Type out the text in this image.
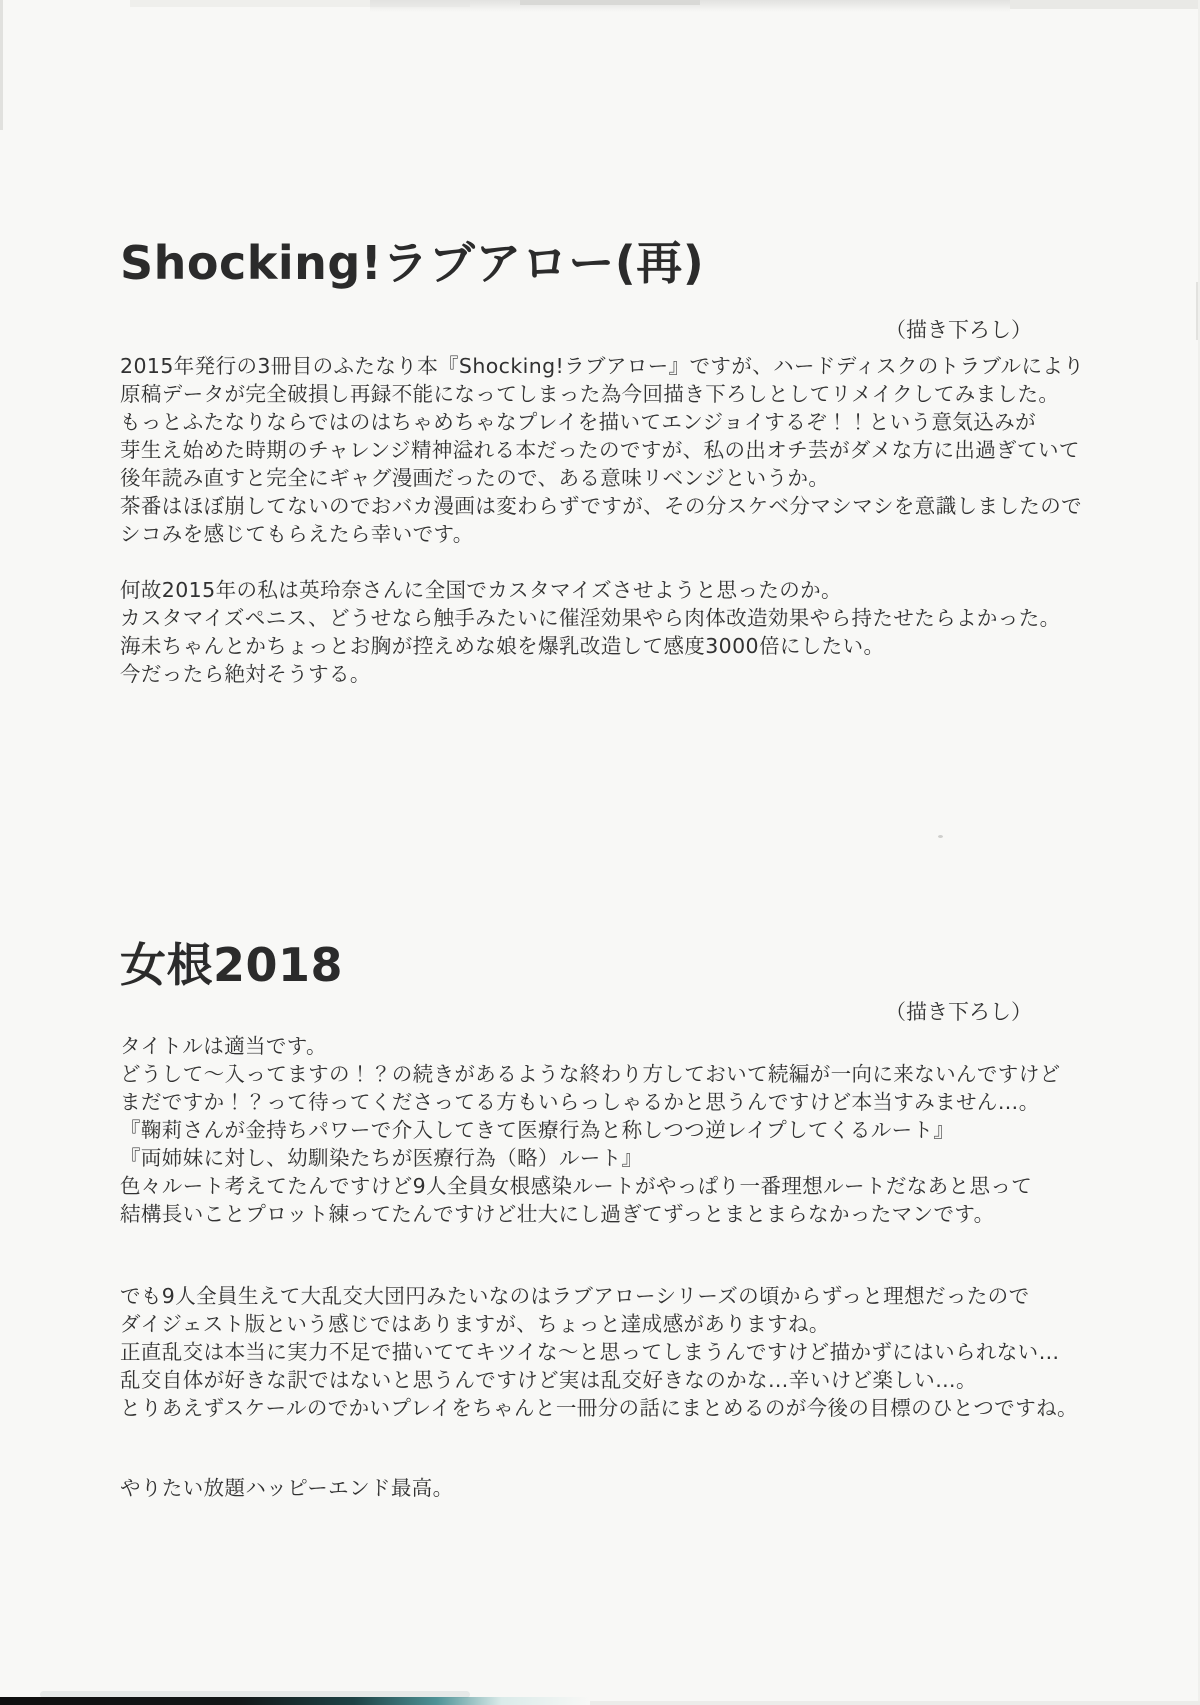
Shocking!ラブアロー(再)
（描き下ろし）
2015年発行の3冊目のふたなり本『Shocking!ラブアロー』ですが、ハードディスクのトラブルにより
原稿データが完全破損し再録不能になってしまった為今回描き下ろしとしてリメイクしてみました。
もっとふたなりならではのはちゃめちゃなプレイを描いてエンジョイするぞ！！という意気込みが
芽生え始めた時期のチャレンジ精神溢れる本だったのですが、私の出オチ芸がダメな方に出過ぎていて
後年読み直すと完全にギャグ漫画だったので、ある意味リベンジというか。
茶番はほぼ崩してないのでおバカ漫画は変わらずですが、その分スケベ分マシマシを意識しましたので
シコみを感じてもらえたら幸いです。
何故2015年の私は英玲奈さんに全国でカスタマイズさせようと思ったのか。
カスタマイズペニス、どうせなら触手みたいに催淫効果やら肉体改造効果やら持たせたらよかった。
海未ちゃんとかちょっとお胸が控えめな娘を爆乳改造して感度3000倍にしたい。
今だったら絶対そうする。
女根2018
（描き下ろし）
タイトルは適当です。
どうして〜入ってますの！？の続きがあるような終わり方しておいて続編が一向に来ないんですけど
まだですか！？って待ってくださってる方もいらっしゃるかと思うんですけど本当すみません…。
『鞠莉さんが金持ちパワーで介入してきて医療行為と称しつつ逆レイプしてくるルート』
『両姉妹に対し、幼馴染たちが医療行為（略）ルート』
色々ルート考えてたんですけど9人全員女根感染ルートがやっぱり一番理想ルートだなあと思って
結構長いことプロット練ってたんですけど壮大にし過ぎてずっとまとまらなかったマンです。
でも9人全員生えて大乱交大団円みたいなのはラブアローシリーズの頃からずっと理想だったので
ダイジェスト版という感じではありますが、ちょっと達成感がありますね。
正直乱交は本当に実力不足で描いててキツイな〜と思ってしまうんですけど描かずにはいられない…
乱交自体が好きな訳ではないと思うんですけど実は乱交好きなのかな…辛いけど楽しい…。
とりあえずスケールのでかいプレイをちゃんと一冊分の話にまとめるのが今後の目標のひとつですね。
やりたい放題ハッピーエンド最高。
